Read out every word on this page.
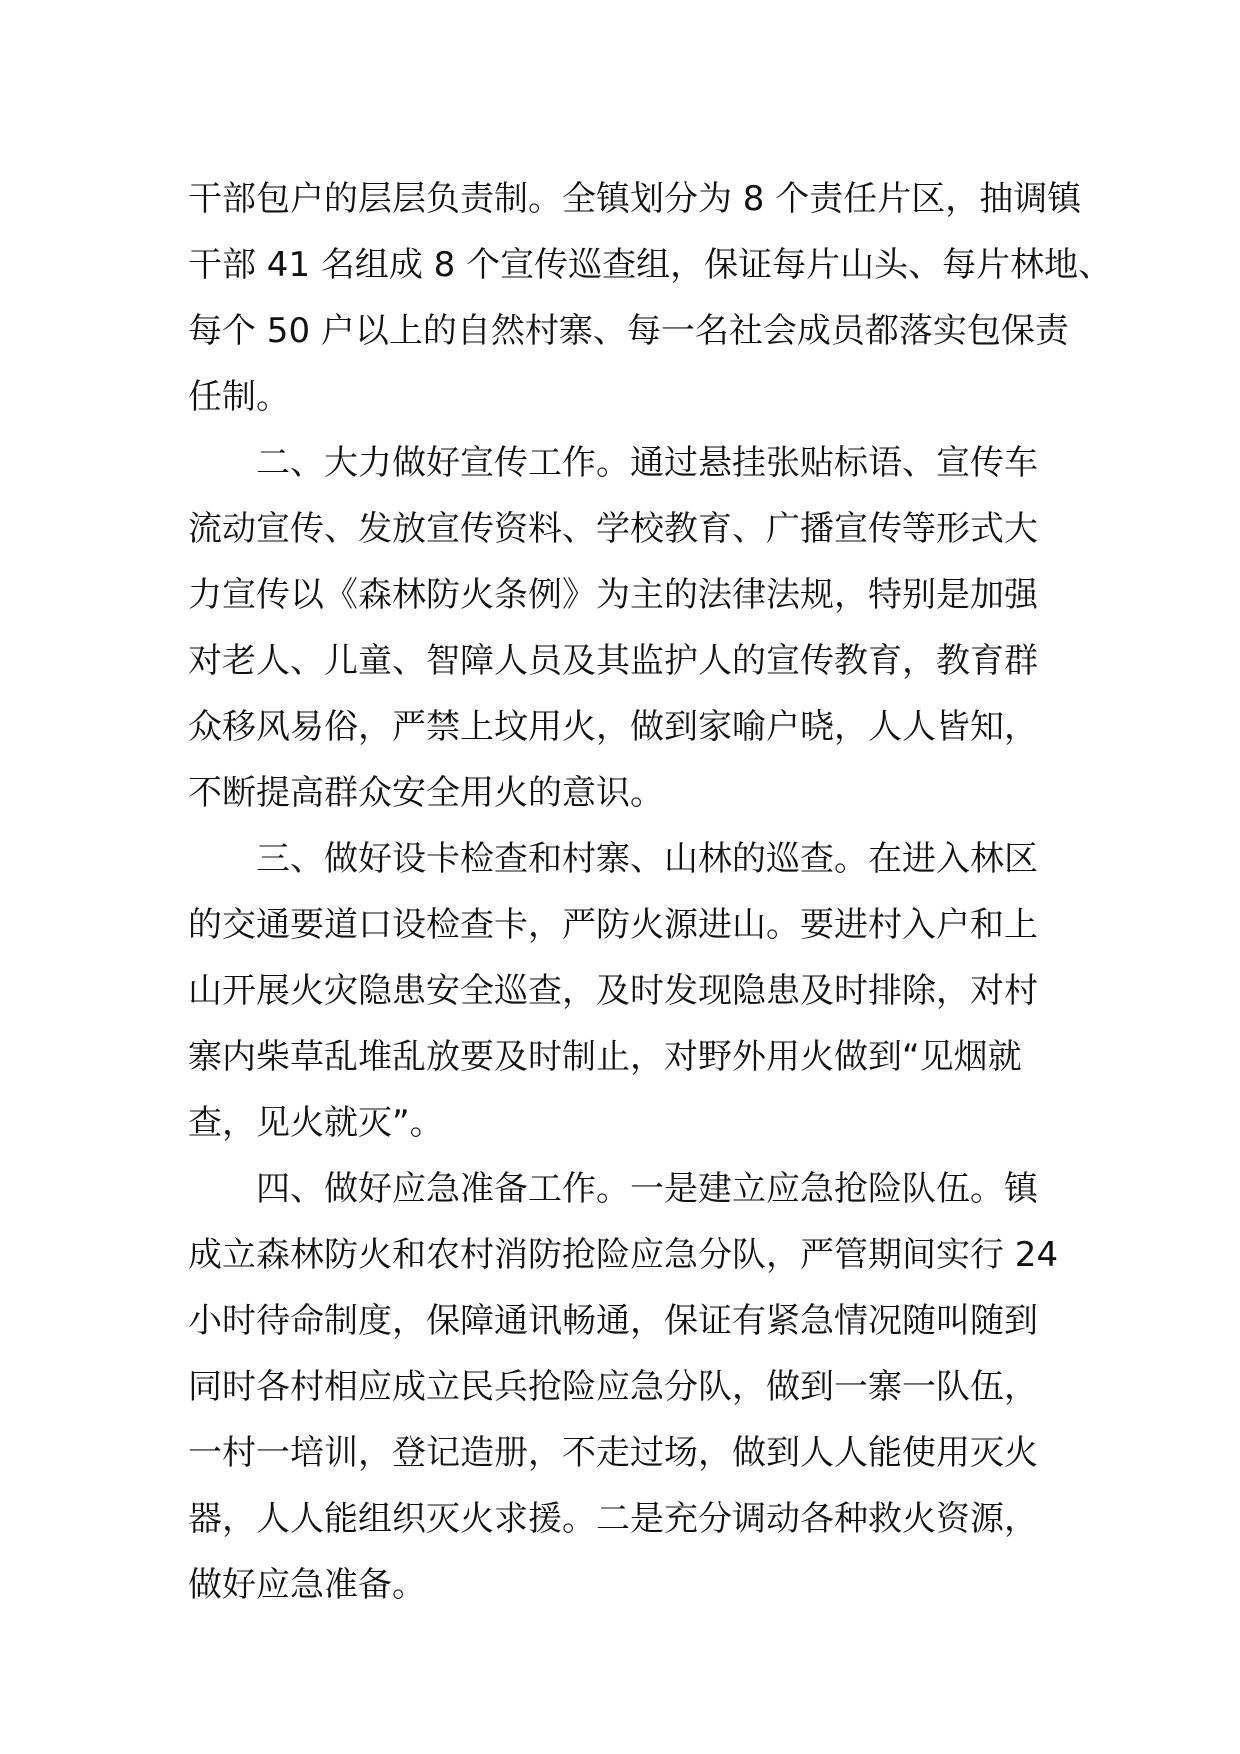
干部包户的层层负责制。全镇划分为 8 个责任片区，抽调镇
干部 41 名组成 8 个宣传巡查组，保证每片山头、每片林地、
每个 50 户以上的自然村寨、每一名社会成员都落实包保责
任制。
二、大力做好宣传工作。通过悬挂张贴标语、宣传车
流动宣传、发放宣传资料、学校教育、广播宣传等形式大
力宣传以《森林防火条例》为主的法律法规，特别是加强
对老人、儿童、智障人员及其监护人的宣传教育，教育群
众移风易俗，严禁上坟用火，做到家喻户晓，人人皆知，
不断提高群众安全用火的意识。
三、做好设卡检查和村寨、山林的巡查。在进入林区
的交通要道口设检查卡，严防火源进山。要进村入户和上
山开展火灾隐患安全巡查，及时发现隐患及时排除，对村
寨内柴草乱堆乱放要及时制止，对野外用火做到“见烟就
查，见火就灭”。
四、做好应急准备工作。一是建立应急抢险队伍。镇
成立森林防火和农村消防抢险应急分队，严管期间实行 24
小时待命制度，保障通讯畅通，保证有紧急情况随叫随到
同时各村相应成立民兵抢险应急分队，做到一寨一队伍，
一村一培训，登记造册，不走过场，做到人人能使用灭火
器，人人能组织灭火求援。二是充分调动各种救火资源，
做好应急准备。
